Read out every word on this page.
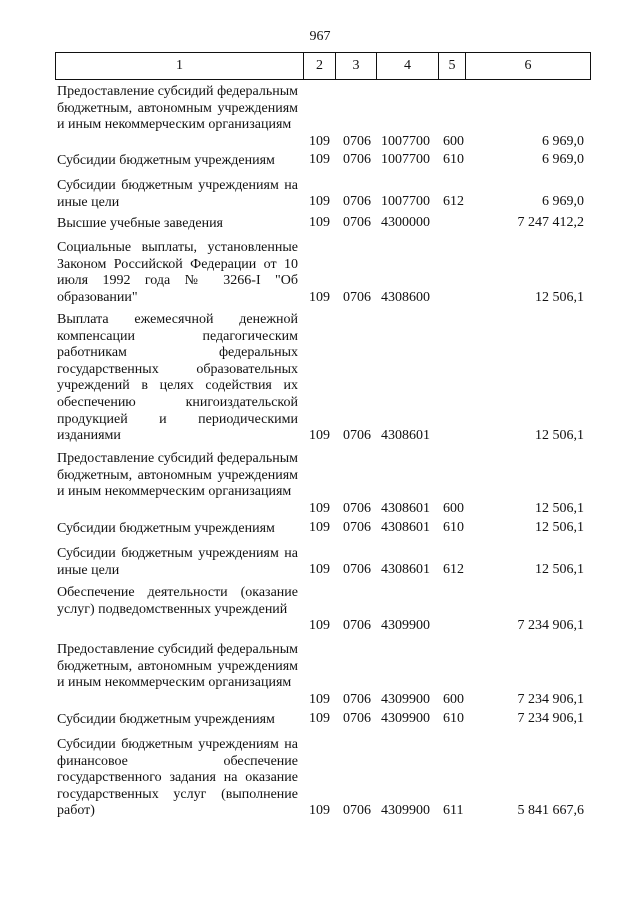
967
1	2	3	4	5	6
Предоставление субсидий федеральным бюджетным, автономным учреждениям и иным некоммерческим организациям
109 0706 1007700 600	6 969,0
Субсидии бюджетным учреждениям	109 0706 1007700 610	6 969,0
Субсидии бюджетным учреждениям на иные цели	109 0706 1007700 612	6 969,0
Высшие учебные заведения	109 0706 4300000	7 247 412,2
Социальные выплаты, установленные Законом Российской Федерации от 10 июля 1992 года № 3266-I "Об образовании"	109 0706 4308600	12 506,1
Выплата ежемесячной денежной компенсации педагогическим работникам федеральных государственных образовательных учреждений в целях содействия их обеспечению книгоиздательской продукцией и периодическими изданиями	109 0706 4308601	12 506,1
Предоставление субсидий федеральным бюджетным, автономным учреждениям и иным некоммерческим организациям
109 0706 4308601 600	12 506,1
Субсидии бюджетным учреждениям	109 0706 4308601 610	12 506,1
Субсидии бюджетным учреждениям на иные цели	109 0706 4308601 612	12 506,1
Обеспечение деятельности (оказание услуг) подведомственных учреждений
109 0706 4309900	7 234 906,1
Предоставление субсидий федеральным бюджетным, автономным учреждениям и иным некоммерческим организациям
109 0706 4309900 600	7 234 906,1
Субсидии бюджетным учреждениям	109 0706 4309900 610	7 234 906,1
Субсидии бюджетным учреждениям на финансовое обеспечение государственного задания на оказание государственных услуг (выполнение работ)	109 0706 4309900 611	5 841 667,6
